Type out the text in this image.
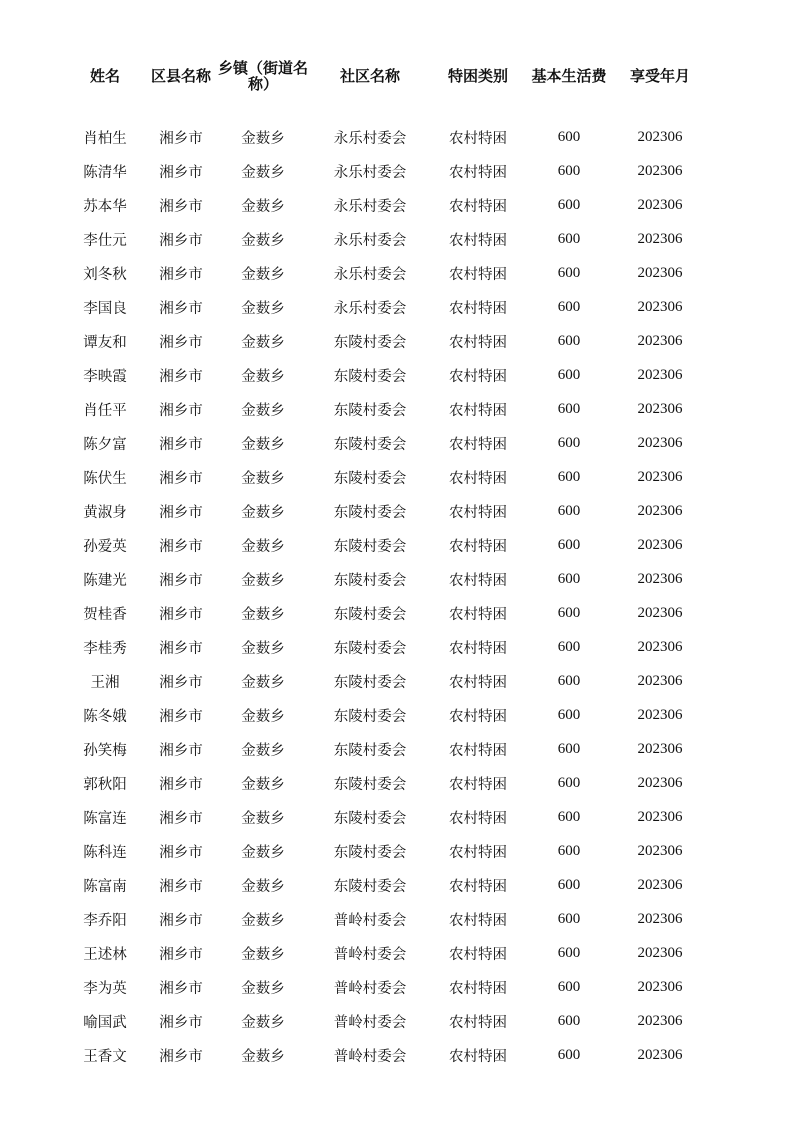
姓名	区县名称	乡镇（街道名称）	社区名称	特困类别	基本生活费	享受年月

肖柏生	湘乡市	金薮乡	永乐村委会	农村特困	600	202306
陈清华	湘乡市	金薮乡	永乐村委会	农村特困	600	202306
苏本华	湘乡市	金薮乡	永乐村委会	农村特困	600	202306
李仕元	湘乡市	金薮乡	永乐村委会	农村特困	600	202306
刘冬秋	湘乡市	金薮乡	永乐村委会	农村特困	600	202306
李国良	湘乡市	金薮乡	永乐村委会	农村特困	600	202306
谭友和	湘乡市	金薮乡	东陵村委会	农村特困	600	202306
李映霞	湘乡市	金薮乡	东陵村委会	农村特困	600	202306
肖任平	湘乡市	金薮乡	东陵村委会	农村特困	600	202306
陈夕富	湘乡市	金薮乡	东陵村委会	农村特困	600	202306
陈伏生	湘乡市	金薮乡	东陵村委会	农村特困	600	202306
黄淑身	湘乡市	金薮乡	东陵村委会	农村特困	600	202306
孙爱英	湘乡市	金薮乡	东陵村委会	农村特困	600	202306
陈建光	湘乡市	金薮乡	东陵村委会	农村特困	600	202306
贺桂香	湘乡市	金薮乡	东陵村委会	农村特困	600	202306
李桂秀	湘乡市	金薮乡	东陵村委会	农村特困	600	202306
王湘	湘乡市	金薮乡	东陵村委会	农村特困	600	202306
陈冬娥	湘乡市	金薮乡	东陵村委会	农村特困	600	202306
孙笑梅	湘乡市	金薮乡	东陵村委会	农村特困	600	202306
郭秋阳	湘乡市	金薮乡	东陵村委会	农村特困	600	202306
陈富连	湘乡市	金薮乡	东陵村委会	农村特困	600	202306
陈科连	湘乡市	金薮乡	东陵村委会	农村特困	600	202306
陈富南	湘乡市	金薮乡	东陵村委会	农村特困	600	202306
李乔阳	湘乡市	金薮乡	普岭村委会	农村特困	600	202306
王述林	湘乡市	金薮乡	普岭村委会	农村特困	600	202306
李为英	湘乡市	金薮乡	普岭村委会	农村特困	600	202306
喻国武	湘乡市	金薮乡	普岭村委会	农村特困	600	202306
王香文	湘乡市	金薮乡	普岭村委会	农村特困	600	202306
